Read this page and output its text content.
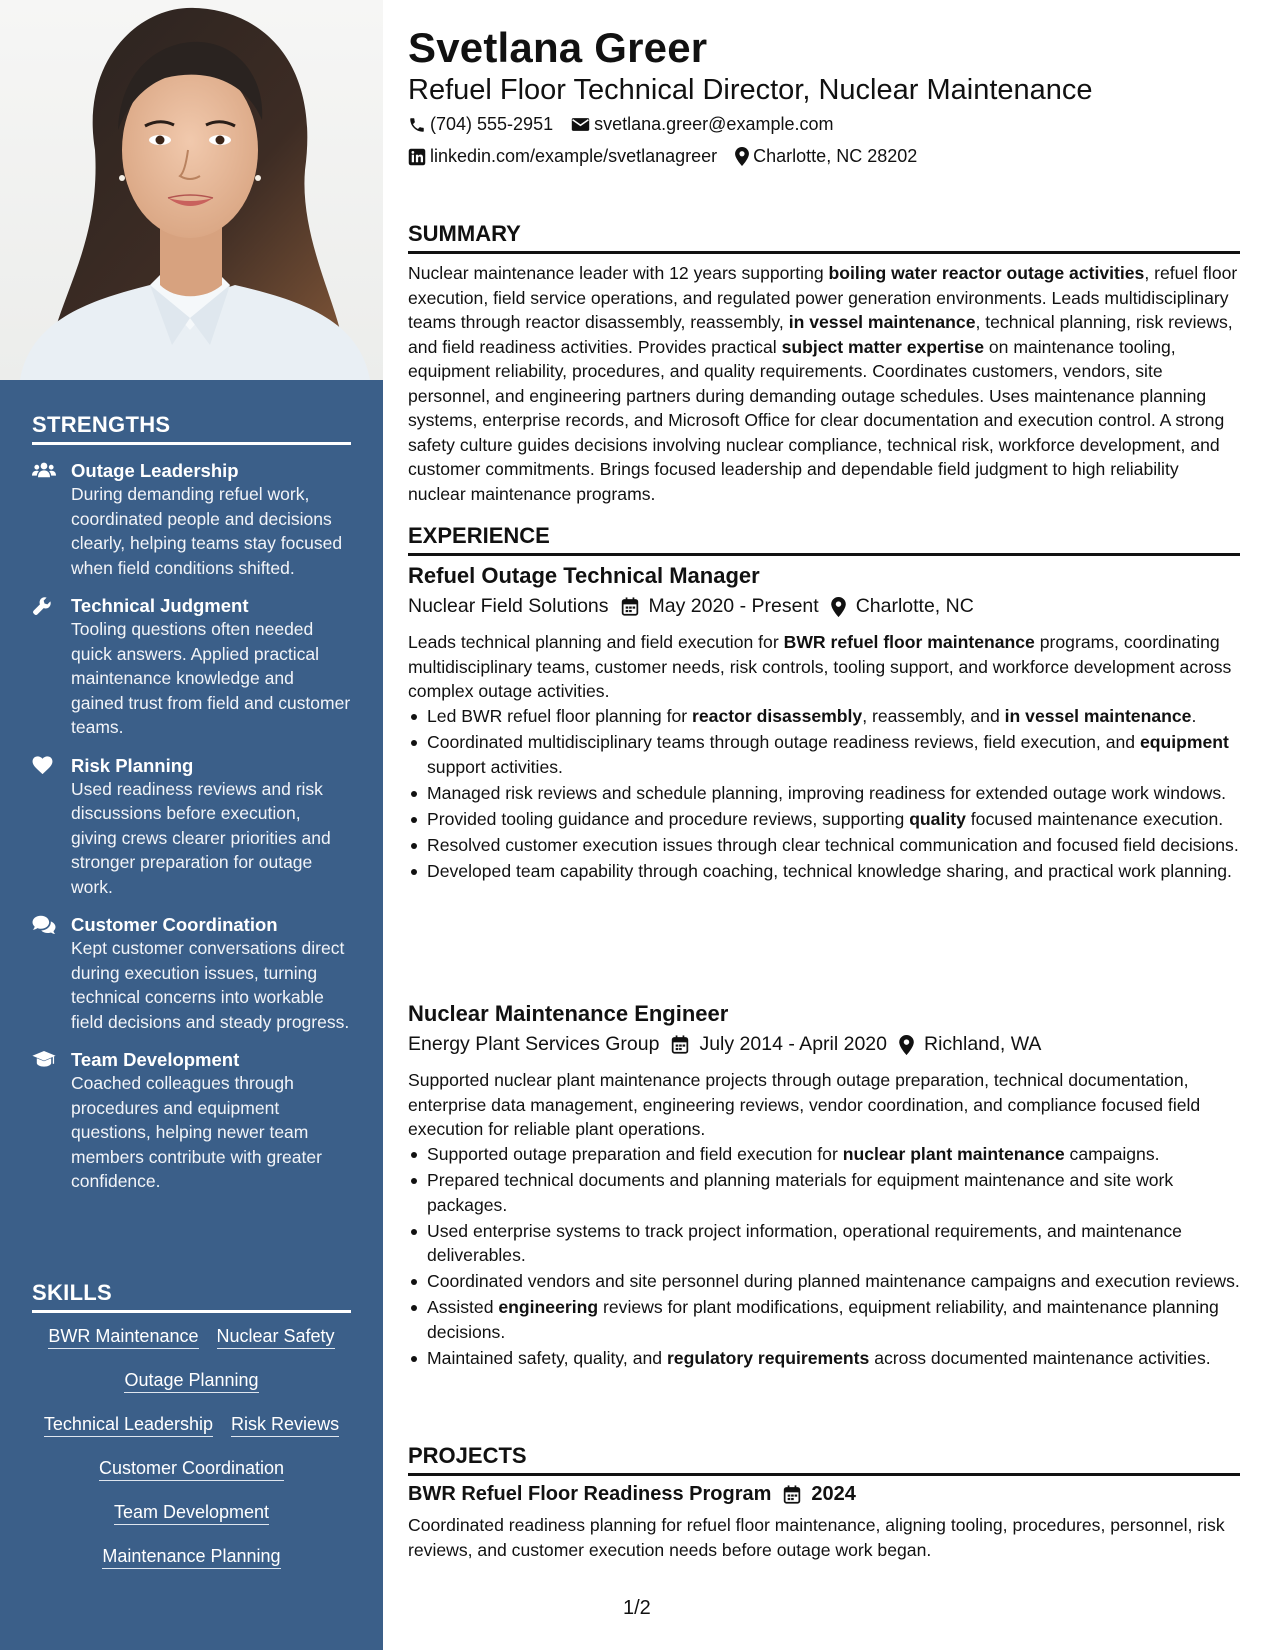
STRENGTHS
Outage Leadership
During demanding refuel work, coordinated people and decisions clearly, helping teams stay focused when field conditions shifted.
Technical Judgment
Tooling questions often needed quick answers. Applied practical maintenance knowledge and gained trust from field and customer teams.
Risk Planning
Used readiness reviews and risk discussions before execution, giving crews clearer priorities and stronger preparation for outage work.
Customer Coordination
Kept customer conversations direct during execution issues, turning technical concerns into workable field decisions and steady progress.
Team Development
Coached colleagues through procedures and equipment questions, helping newer team members contribute with greater confidence.
SKILLS
BWR Maintenance Nuclear Safety
Outage Planning
Technical Leadership Risk Reviews
Customer Coordination
Team Development
Maintenance Planning
Svetlana Greer
Refuel Floor Technical Director, Nuclear Maintenance
(704) 555-2951 svetlana.greer@example.com
linkedin.com/example/svetlanagreer Charlotte, NC 28202
SUMMARY
Nuclear maintenance leader with 12 years supporting boiling water reactor outage activities, refuel floor execution, field service operations, and regulated power generation environments. Leads multidisciplinary teams through reactor disassembly, reassembly, in vessel maintenance, technical planning, risk reviews, and field readiness activities. Provides practical subject matter expertise on maintenance tooling, equipment reliability, procedures, and quality requirements. Coordinates customers, vendors, site personnel, and engineering partners during demanding outage schedules. Uses maintenance planning systems, enterprise records, and Microsoft Office for clear documentation and execution control. A strong safety culture guides decisions involving nuclear compliance, technical risk, workforce development, and customer commitments. Brings focused leadership and dependable field judgment to high reliability nuclear maintenance programs.
EXPERIENCE
Refuel Outage Technical Manager
Nuclear Field Solutions May 2020 - Present Charlotte, NC
Leads technical planning and field execution for BWR refuel floor maintenance programs, coordinating multidisciplinary teams, customer needs, risk controls, tooling support, and workforce development across complex outage activities.
Led BWR refuel floor planning for reactor disassembly, reassembly, and in vessel maintenance.
Coordinated multidisciplinary teams through outage readiness reviews, field execution, and equipment support activities.
Managed risk reviews and schedule planning, improving readiness for extended outage work windows.
Provided tooling guidance and procedure reviews, supporting quality focused maintenance execution.
Resolved customer execution issues through clear technical communication and focused field decisions.
Developed team capability through coaching, technical knowledge sharing, and practical work planning.
Nuclear Maintenance Engineer
Energy Plant Services Group July 2014 - April 2020 Richland, WA
Supported nuclear plant maintenance projects through outage preparation, technical documentation, enterprise data management, engineering reviews, vendor coordination, and compliance focused field execution for reliable plant operations.
Supported outage preparation and field execution for nuclear plant maintenance campaigns.
Prepared technical documents and planning materials for equipment maintenance and site work packages.
Used enterprise systems to track project information, operational requirements, and maintenance deliverables.
Coordinated vendors and site personnel during planned maintenance campaigns and execution reviews.
Assisted engineering reviews for plant modifications, equipment reliability, and maintenance planning decisions.
Maintained safety, quality, and regulatory requirements across documented maintenance activities.
PROJECTS
BWR Refuel Floor Readiness Program 2024
Coordinated readiness planning for refuel floor maintenance, aligning tooling, procedures, personnel, risk reviews, and customer execution needs before outage work began.
1/2
